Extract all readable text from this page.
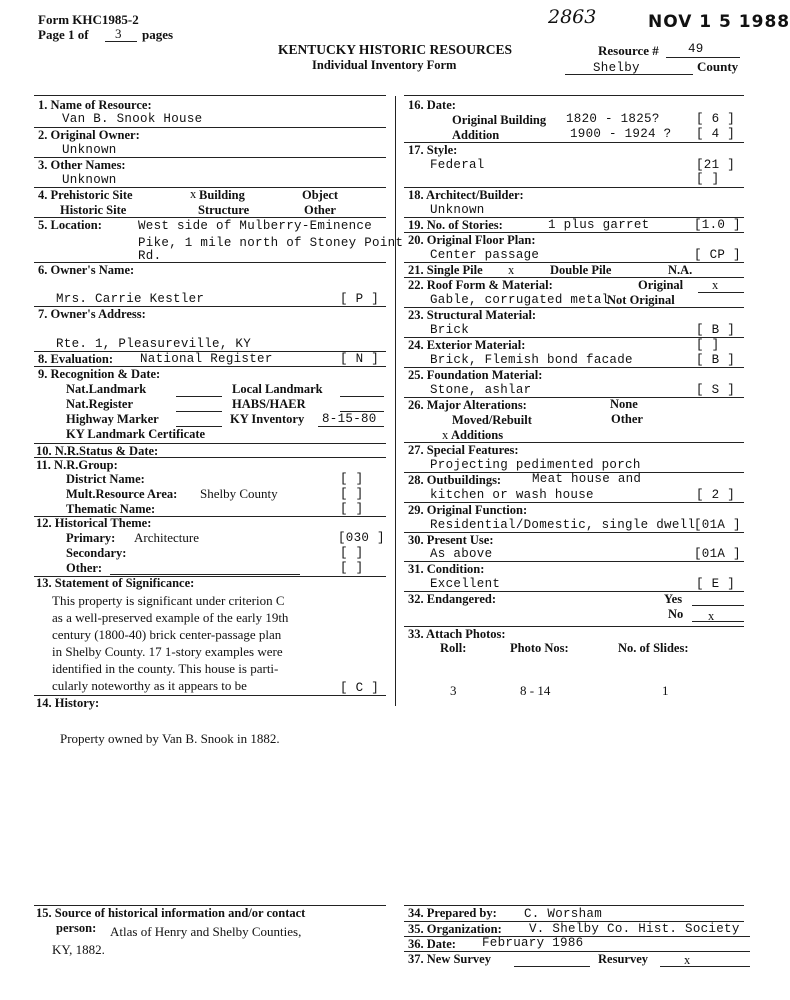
Form KHC1985-2
Page 1 of 3 pages
2863	NOV 1 5 1988
KENTUCKY HISTORIC RESOURCES
Individual Inventory Form
Resource # 49
Shelby	County
1. Name of Resource:
Van B. Snook House
2. Original Owner:
Unknown
3. Other Names:
Unknown
4. Prehistoric Site
Historic Site
x Building
Structure
Object
Other
5. Location:	West side of Mulberry-Eminence
Pike, 1 mile north of Stoney Point
Rd.
6. Owner's Name:
Mrs. Carrie Kestler	[ P ]
7. Owner's Address:
Rte. 1, Pleasureville, KY
8. Evaluation: National Register	[ N ]
9. Recognition & Date:
Nat.Landmark	Local Landmark
Nat.Register	HABS/HAER
Highway Marker	KY Inventory 8-15-80
KY Landmark Certificate
10. N.R.Status & Date:
11. N.R.Group:
District Name:	[ ]
Mult.Resource Area: Shelby County	[ ]
Thematic Name:	[ ]
12. Historical Theme:
Primary: Architecture	[030 ]
Secondary:	[ ]
Other:	[ ]
13. Statement of Significance:
This property is significant under criterion C
as a well-preserved example of the early 19th
century (1800-40) brick center-passage plan
in Shelby County. 17 1-story examples were
identified in the county. This house is parti-
cularly noteworthy as it appears to be	[ C ]
14. History:
Property owned by Van B. Snook in 1882.
15. Source of historical information and/or contact
person: Atlas of Henry and Shelby Counties,
KY, 1882.
16. Date:
Original Building 1820 - 1825?	[ 6 ]
Addition	1900 - 1924 ? [ 4 ]
17. Style:
Federal	[21 ]
[ ]
18. Architect/Builder:
Unknown
19. No. of Stories:	1 plus garret	[1.0 ]
20. Original Floor Plan:
Center passage	[ CP ]
21. Single Pile x	Double Pile	N.A.
22. Roof Form & Material:	Original x
Gable, corrugated metal
Not Original
23. Structural Material:
Brick	[ B ]
24. Exterior Material:	[ ]
Brick, Flemish bond facade	[ B ]
25. Foundation Material:
Stone, ashlar	[ S ]
26. Major Alterations:	None
Moved/Rebuilt	Other
x Additions
27. Special Features:
Projecting pedimented porch
28. Outbuildings: Meat house and
kitchen or wash house	[ 2 ]
29. Original Function:
Residential/Domestic, single dwell
[01A ]
30. Present Use:
As above	[01A ]
31. Condition:
Excellent	[ E ]
32. Endangered:	Yes
No x
33. Attach Photos:
Roll:	Photo Nos:	No. of Slides:
3	8 - 14	1
34. Prepared by: C. Worsham
35. Organization: V. Shelby Co. Hist. Society
36. Date: February 1986
37. New Survey	Resurvey	x
